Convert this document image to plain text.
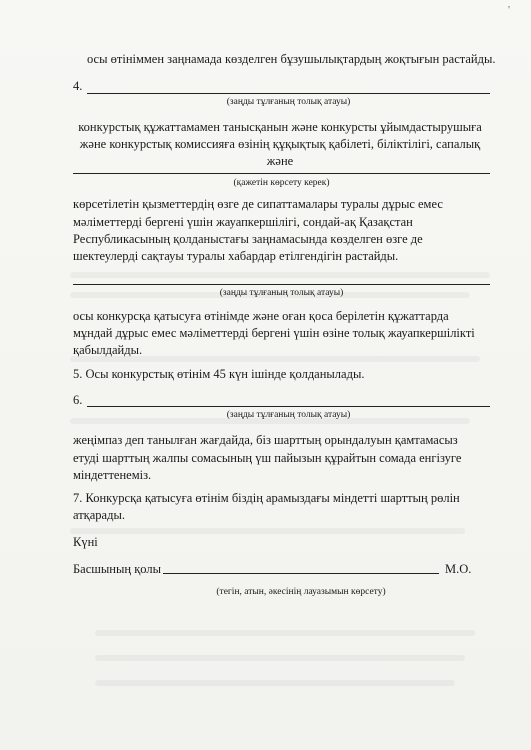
'
осы өтініммен заңнамада көзделген бұзушылықтардың жоқтығын растайды.
4.
(заңды тұлғаның толық атауы)
конкурстық құжаттамамен танысқанын және конкурсты ұйымдастырушыға
және конкурстық комиссияға өзінің құқықтық қабілеті, біліктілігі, сапалық
және
(қажетін көрсету керек)
көрсетілетін қызметтердің өзге де сипаттамалары туралы дұрыс емес
мәліметтерді бергені үшін жауапкершілігі, сондай-ақ Қазақстан
Республикасының қолданыстағы заңнамасында көзделген өзге де
шектеулерді сақтауы туралы хабардар етілгендігін растайды.
(заңды тұлғаның толық атауы)
осы конкурсқа қатысуға өтінімде және оған қоса берілетін құжаттарда
мұндай дұрыс емес мәліметтерді бергені үшін өзіне толық жауапкершілікті
қабылдайды.
5. Осы конкурстық өтінім 45 күн ішінде қолданылады.
6.
(заңды тұлғаның толық атауы)
жеңімпаз деп танылған жағдайда, біз шарттың орындалуын қамтамасыз
етуді шарттың жалпы сомасының үш пайызын құрайтын сомада енгізуге
міндеттенеміз.
7. Конкурсқа қатысуға өтінім біздің арамыздағы міндетті шарттың рөлін
атқарады.
Күні
Басшының қолы	М.О.
(тегін, атын, әкесінің лауазымын көрсету)
